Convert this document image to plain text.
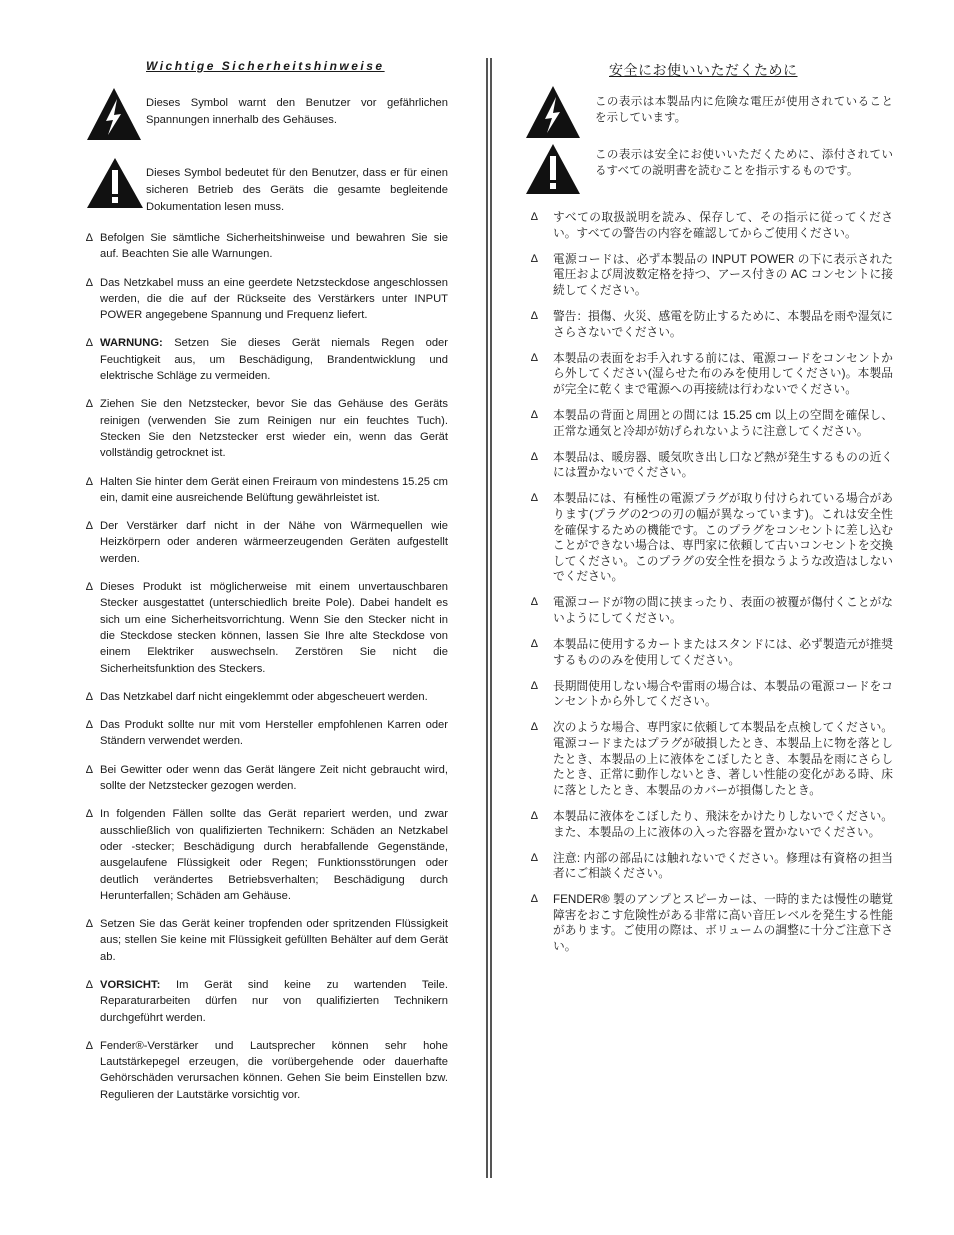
Wichtige Sicherheitshinweise
Dieses Symbol warnt den Benutzer vor gefährlichen Spannungen innerhalb des Gehäuses.
Dieses Symbol bedeutet für den Benutzer, dass er für einen sicheren Betrieb des Geräts die gesamte begleitende Dokumentation lesen muss.
∆ Befolgen Sie sämtliche Sicherheitshinweise und bewahren Sie sie auf. Beachten Sie alle Warnungen.
∆ Das Netzkabel muss an eine geerdete Netzsteckdose angeschlossen werden, die die auf der Rückseite des Verstärkers unter INPUT POWER angegebene Spannung und Frequenz liefert.
∆ WARNUNG: Setzen Sie dieses Gerät niemals Regen oder Feuchtigkeit aus, um Beschädigung, Brandentwicklung und elektrische Schläge zu vermeiden.
∆ Ziehen Sie den Netzstecker, bevor Sie das Gehäuse des Geräts reinigen (verwenden Sie zum Reinigen nur ein feuchtes Tuch). Stecken Sie den Netzstecker erst wieder ein, wenn das Gerät vollständig getrocknet ist.
∆ Halten Sie hinter dem Gerät einen Freiraum von mindestens 15.25 cm ein, damit eine ausreichende Belüftung gewährleistet ist.
∆ Der Verstärker darf nicht in der Nähe von Wärmequellen wie Heizkörpern oder anderen wärmeerzeugenden Geräten aufgestellt werden.
∆ Dieses Produkt ist möglicherweise mit einem unvertauschbaren Stecker ausgestattet (unterschiedlich breite Pole). Dabei handelt es sich um eine Sicherheitsvorrichtung. Wenn Sie den Stecker nicht in die Steckdose stecken können, lassen Sie Ihre alte Steckdose von einem Elektriker auswechseln. Zerstören Sie nicht die Sicherheitsfunktion des Steckers.
∆ Das Netzkabel darf nicht eingeklemmt oder abgescheuert werden.
∆ Das Produkt sollte nur mit vom Hersteller empfohlenen Karren oder Ständern verwendet werden.
∆ Bei Gewitter oder wenn das Gerät längere Zeit nicht gebraucht wird, sollte der Netzstecker gezogen werden.
∆ In folgenden Fällen sollte das Gerät repariert werden, und zwar ausschließlich von qualifizierten Technikern: Schäden an Netzkabel oder -stecker; Beschädigung durch herabfallende Gegenstände, ausgelaufene Flüssigkeit oder Regen; Funktionsstörungen oder deutlich verändertes Betriebsverhalten; Beschädigung durch Herunterfallen; Schäden am Gehäuse.
∆ Setzen Sie das Gerät keiner tropfenden oder spritzenden Flüssigkeit aus; stellen Sie keine mit Flüssigkeit gefüllten Behälter auf dem Gerät ab.
∆ VORSICHT: Im Gerät sind keine zu wartenden Teile. Reparaturarbeiten dürfen nur von qualifizierten Technikern durchgeführt werden.
∆ Fender®-Verstärker und Lautsprecher können sehr hohe Lautstärkepegel erzeugen, die vorübergehende oder dauerhafte Gehörschäden verursachen können. Gehen Sie beim Einstellen bzw. Regulieren der Lautstärke vorsichtig vor.
安全にお使いいただくために
この表示は本製品内に危険な電圧が使用されていることを示しています。
この表示は安全にお使いいただくために、添付されているすべての説明書を読むことを指示するものです。
∆ すべての取扱説明を読み、保存して、その指示に従ってください。すべての警告の内容を確認してからご使用ください。
∆ 電源コードは、必ず本製品の INPUT POWER の下に表示された電圧および周波数定格を持つ、アース付きの AC コンセントに接続してください。
∆ 警告：損傷、火災、感電を防止するために、本製品を雨や湿気にさらさないでください。
∆ 本製品の表面をお手入れする前には、電源コードをコンセントから外してください(湿らせた布のみを使用してください)。本製品が完全に乾くまで電源への再接続は行わないでください。
∆ 本製品の背面と周囲との間には 15.25 cm 以上の空間を確保し、正常な通気と冷却が妨げられないように注意してください。
∆ 本製品は、暖房器、暖気吹き出し口など熱が発生するものの近くには置かないでください。
∆ 本製品には、有極性の電源プラグが取り付けられている場合があります(プラグの2つの刃の幅が異なっています)。これは安全性を確保するための機能です。このプラグをコンセントに差し込むことができない場合は、専門家に依頼して古いコンセントを交換してください。このプラグの安全性を損なうような改造はしないでください。
∆ 電源コードが物の間に挟まったり、表面の被覆が傷付くことがないようにしてください。
∆ 本製品に使用するカートまたはスタンドには、必ず製造元が推奨するもののみを使用してください。
∆ 長期間使用しない場合や雷雨の場合は、本製品の電源コードをコンセントから外してください。
∆ 次のような場合、専門家に依頼して本製品を点検してください。電源コードまたはプラグが破損したとき、本製品上に物を落としたとき、本製品の上に液体をこぼしたとき、本製品を雨にさらしたとき、正常に動作しないとき、著しい性能の変化がある時、床に落としたとき、本製品のカバーが損傷したとき。
∆ 本製品に液体をこぼしたり、飛沫をかけたりしないでください。また、本製品の上に液体の入った容器を置かないでください。
∆ 注意: 内部の部品には触れないでください。修理は有資格の担当者にご相談ください。
∆ FENDER® 製のアンプとスピーカーは、一時的または慢性の聴覚障害をおこす危険性がある非常に高い音圧レベルを発生する性能があります。ご使用の際は、ボリュームの調整に十分ご注意下さい。
